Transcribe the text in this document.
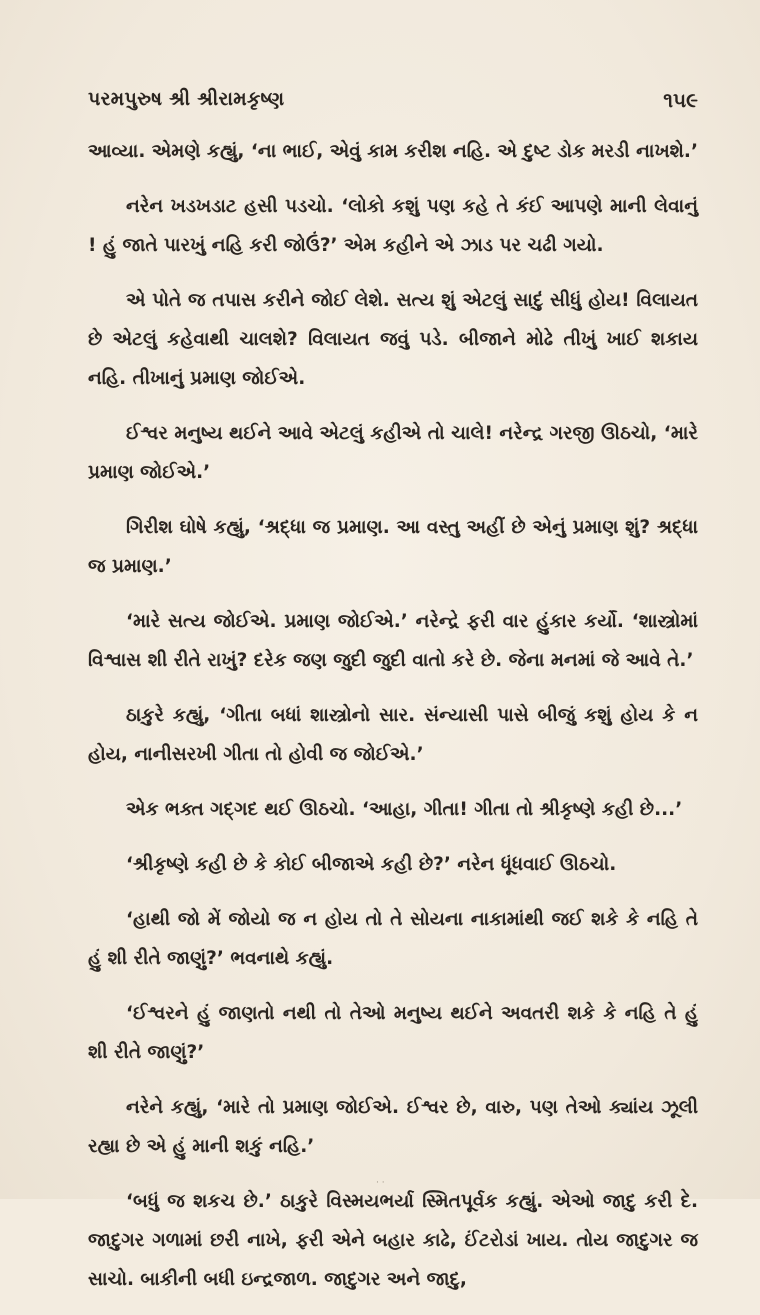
પરમપુરુષ શ્રી શ્રીરામકૃષ્ણ	૧૫૯

આવ્યા. એમણે કહ્યું, ‘ના ભાઈ, એવું કામ કરીશ નહિ. એ દુષ્ટ ડોક મરડી નાખશે.’

નરેન ખડખડાટ હસી પડચો. ‘લોકો કશું પણ કહે તે કંઈ આપણે માની લેવાનું ! હું જાતે પારખું નહિ કરી જોઉં?’ એમ કહીને એ ઝાડ પર ચઢી ગયો.

એ પોતે જ તપાસ કરીને જોઈ લેશે. સત્ય શું એટલું સાદું સીધું હોય! વિલાયત છે એટલું કહેવાથી ચાલશે? વિલાયત જવું પડે. બીજાને મોઢે તીખું ખાઈ શકાય નહિ. તીખાનું પ્રમાણ જોઈએ.

ઈશ્વર મનુષ્ય થઈને આવે એટલું કહીએ તો ચાલે! નરેન્દ્ર ગરજી ઊઠચો, ‘મારે પ્રમાણ જોઈએ.’

ગિરીશ ઘોષે કહ્યું, ‘શ્રદ્ધા જ પ્રમાણ. આ વસ્તુ અહીં છે એનું પ્રમાણ શું? શ્રદ્ધા જ પ્રમાણ.’

‘મારે સત્ય જોઈએ. પ્રમાણ જોઈએ.’ નરેન્દ્રે ફરી વાર હુંકાર કર્યો. ‘શાસ્ત્રોમાં વિશ્વાસ શી રીતે રાખું? દરેક જણ જુદી જુદી વાતો કરે છે. જેના મનમાં જે આવે તે.’

ઠાકુરે કહ્યું, ‘ગીતા બધાં શાસ્ત્રોનો સાર. સંન્યાસી પાસે બીજું કશું હોય કે ન હોય, નાનીસરખી ગીતા તો હોવી જ જોઈએ.’

એક ભક્ત ગદ્‌ગદ થઈ ઊઠચો. ‘આહા, ગીતા! ગીતા તો શ્રીકૃષ્ણે કહી છે...’

‘શ્રીકૃષ્ણે કહી છે કે કોઈ બીજાએ કહી છે?’ નરેન ધૂંધવાઈ ઊઠચો.

‘હાથી જો મેં જોયો જ ન હોય તો તે સોયના નાકામાંથી જઈ શકે કે નહિ તે હું શી રીતે જાણું?’ ભવનાથે કહ્યું.

‘ઈશ્વરને હું જાણતો નથી તો તેઓ મનુષ્ય થઈને અવતરી શકે કે નહિ તે હું શી રીતે જાણું?’

નરેને કહ્યું, ‘મારે તો પ્રમાણ જોઈએ. ઈશ્વર છે, વારુ, પણ તેઓ ક્યાંય ઝૂલી રહ્યા છે એ હું માની શકું નહિ.’

‘બધું જ શકચ છે.’ ઠાકુરે વિસ્મયભર્યા સ્મિતપૂર્વક કહ્યું. એઓ જાદુ કરી દે. જાદુગર ગળામાં છરી નાખે, ફરી એને બહાર કાઢે, ઈંટરોડાં ખાય. તોય જાદુગર જ સાચો. બાકીની બધી ઇન્દ્રજાળ. જાદુગર અને જાદુ,

· ·
